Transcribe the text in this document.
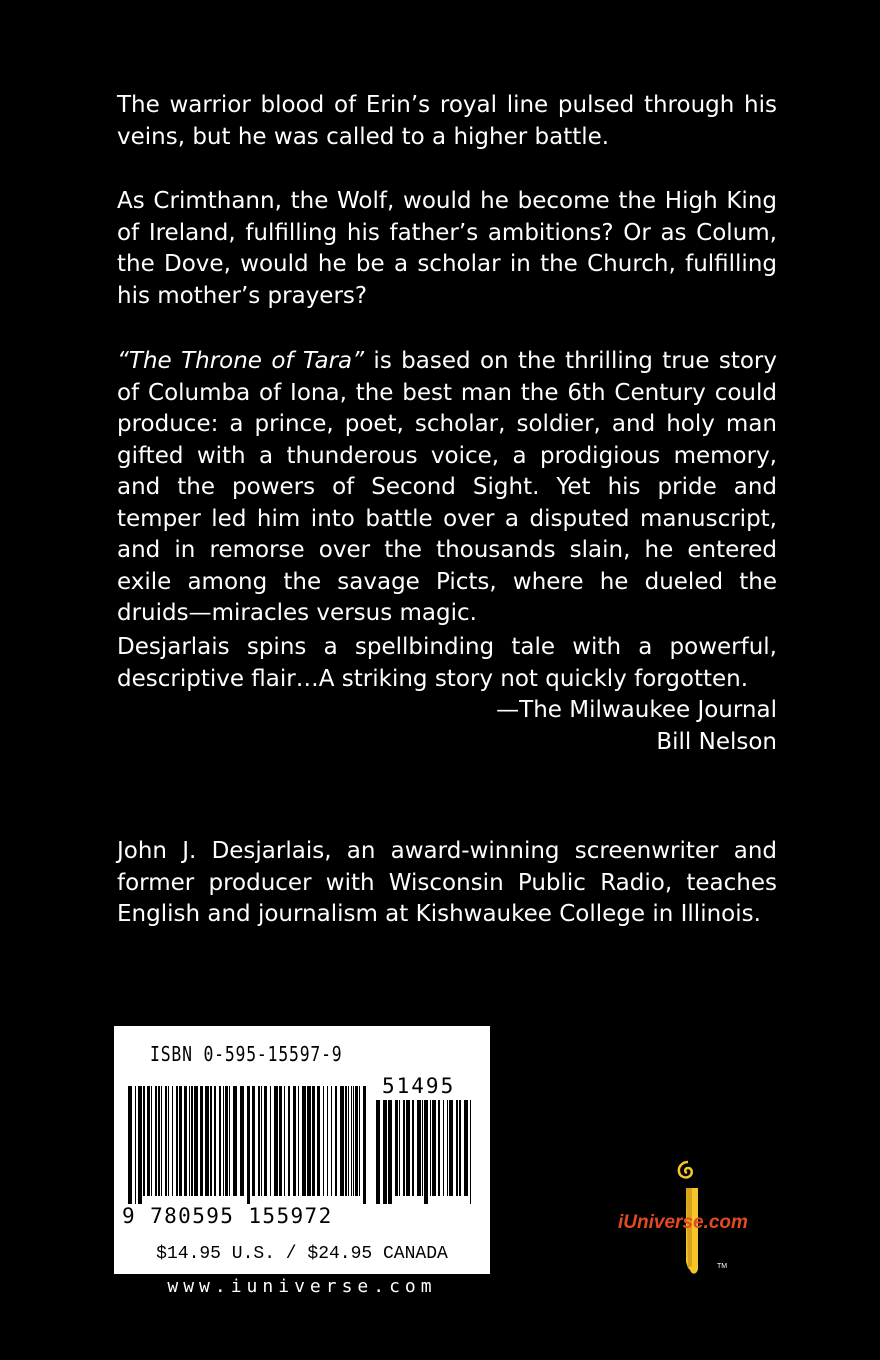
The warrior blood of Erin’s royal line pulsed through his veins, but he was called to a higher battle.

As Crimthann, the Wolf, would he become the High King of Ireland, fulfilling his father’s ambitions? Or as Colum, the Dove, would he be a scholar in the Church, fulfilling his mother’s prayers?

“The Throne of Tara” is based on the thrilling true story of Columba of Iona, the best man the 6th Century could produce: a prince, poet, scholar, soldier, and holy man gifted with a thunderous voice, a prodigious memory, and the powers of Second Sight. Yet his pride and temper led him into battle over a disputed manuscript, and in remorse over the thousands slain, he entered exile among the savage Picts, where he dueled the druids—miracles versus magic.

Desjarlais spins a spellbinding tale with a powerful, descriptive flair…A striking story not quickly forgotten.
—The Milwaukee Journal
Bill Nelson

John J. Desjarlais, an award-winning screenwriter and former producer with Wisconsin Public Radio, teaches English and journalism at Kishwaukee College in Illinois.

ISBN 0-595-15597-9
51495
9 780595 155972
$14.95 U.S. / $24.95 CANADA
www.iuniverse.com
iUniverse.com
TM
